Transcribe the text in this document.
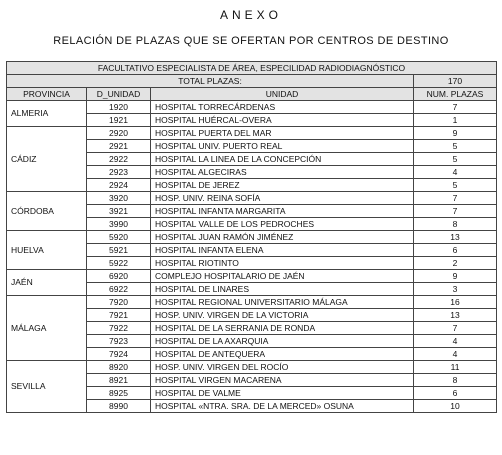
ANEXO
RELACIÓN DE PLAZAS QUE SE OFERTAN POR CENTROS DE DESTINO
FACULTATIVO ESPECIALISTA DE ÁREA, ESPECILIDAD RADIODIAGNÓSTICO			
TOTAL PLAZAS:			170
PROVINCIA	D_UNIDAD	UNIDAD	NUM. PLAZAS
ALMERIA	1920	HOSPITAL TORRECÁRDENAS	7
	1921	HOSPITAL HUÉRCAL-OVERA	1
CÁDIZ	2920	HOSPITAL PUERTA DEL MAR	9
	2921	HOSPITAL UNIV. PUERTO REAL	5
	2922	HOSPITAL LA LINEA DE LA CONCEPCIÓN	5
	2923	HOSPITAL ALGECIRAS	4
	2924	HOSPITAL DE JEREZ	5
CÓRDOBA	3920	HOSP. UNIV. REINA SOFÍA	7
	3921	HOSPITAL INFANTA MARGARITA	7
	3990	HOSPITAL VALLE DE LOS PEDROCHES	8
HUELVA	5920	HOSPITAL JUAN RAMÓN JIMÉNEZ	13
	5921	HOSPITAL INFANTA ELENA	6
	5922	HOSPITAL RIOTINTO	2
JAÉN	6920	COMPLEJO HOSPITALARIO DE JAÉN	9
	6922	HOSPITAL DE LINARES	3
MÁLAGA	7920	HOSPITAL REGIONAL UNIVERSITARIO MÁLAGA	16
	7921	HOSP. UNIV. VIRGEN DE LA VICTORIA	13
	7922	HOSPITAL DE LA SERRANIA DE RONDA	7
	7923	HOSPITAL DE LA AXARQUIA	4
	7924	HOSPITAL DE ANTEQUERA	4
SEVILLA	8920	HOSP. UNIV. VIRGEN DEL ROCÍO	11
	8921	HOSPITAL VIRGEN MACARENA	8
	8925	HOSPITAL DE VALME	6
	8990	HOSPITAL «NTRA. SRA. DE LA MERCED» OSUNA	10
